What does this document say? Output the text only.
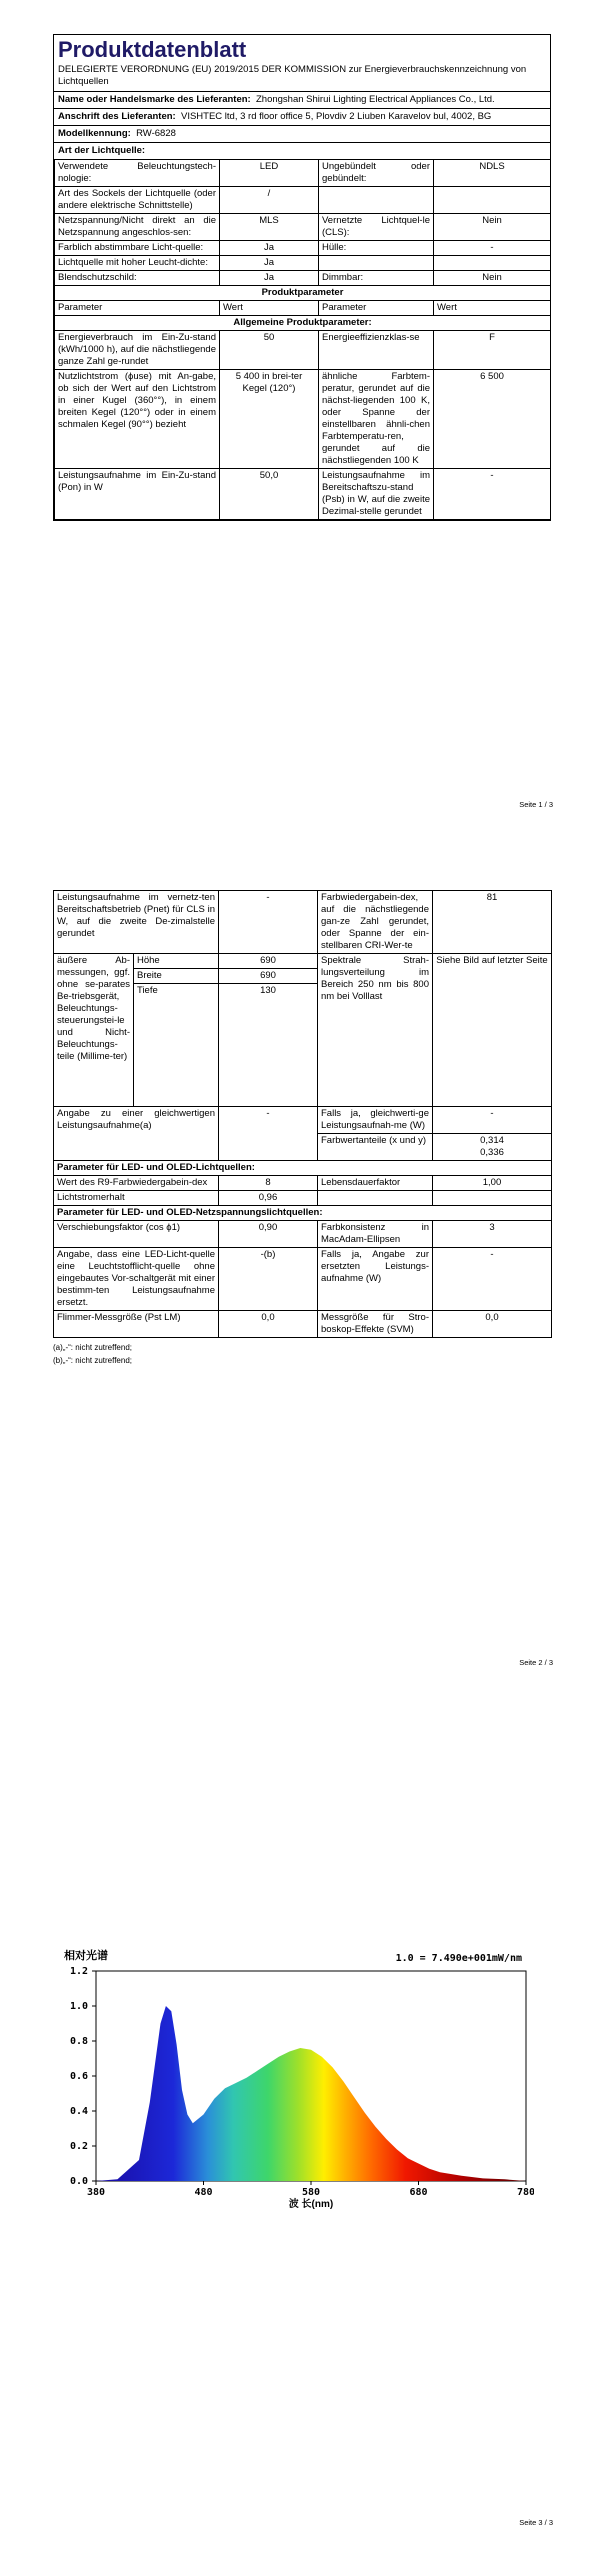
Produktdatenblatt
DELEGIERTE VERORDNUNG (EU) 2019/2015 DER KOMMISSION zur Energieverbrauchskennzeichnung von Lichtquellen
Name oder Handelsmarke des Lieferanten: Zhongshan Shirui Lighting Electrical Appliances Co., Ltd.
Anschrift des Lieferanten: VISHTEC ltd, 3 rd floor office 5, Plovdiv 2 Liuben Karavelov bul, 4002, BG
Modellkennung: RW-6828
Art der Lichtquelle:
Verwendete Beleuchtungstech-nologie:	LED	Ungebündelt oder gebündelt:	NDLS
Art des Sockels der Lichtquelle (oder andere elektrische Schnittstelle)	/		
Netzspannung/Nicht direkt an die Netzspannung angeschlos-sen:	MLS	Vernetzte Lichtquel-le (CLS):	Nein
Farblich abstimmbare Licht-quelle:	Ja	Hülle:	-
Lichtquelle mit hoher Leucht-dichte:	Ja		
Blendschutzschild:	Ja	Dimmbar:	Nein
Produktparameter			
Parameter	Wert	Parameter	Wert
Allgemeine Produktparameter:			
Energieverbrauch im Ein-Zu-stand (kWh/1000 h), auf die nächstliegende ganze Zahl ge-rundet	50	Energieeffizienzklas-se	F
Nutzlichtstrom (ϕuse) mit An-gabe, ob sich der Wert auf den Lichtstrom in einer Kugel (360°°), in einem breiten Kegel (120°°) oder in einem schmalen Kegel (90°°) bezieht	5 400 in brei-ter Kegel (120°)	ähnliche Farbtem-peratur, gerundet auf die nächst-liegenden 100 K, oder Spanne der einstellbaren ähnli-chen Farbtemperatu-ren, gerundet auf die nächstliegenden 100 K	6 500
Leistungsaufnahme im Ein-Zu-stand (Pon) in W	50,0	Leistungsaufnahme im Bereitschaftszu-stand (Psb) in W, auf die zweite Dezimal-stelle gerundet	-
Seite 1 / 3
Leistungsaufnahme im vernetz-ten Bereitschaftsbetrieb (Pnet) für CLS in W, auf die zweite De-zimalstelle gerundet		-	Farbwiedergabein-dex, auf die nächstliegende gan-ze Zahl gerundet, oder Spanne der ein-stellbaren CRI-Wer-te	81
äußere Ab-messungen, ggf. ohne se-parates Be-triebsgerät, Beleuchtungs-steuerungstei-le und Nicht-Beleuchtungs-teile (Millime-ter)	Höhe	690	Spektrale Strah-lungsverteilung im Bereich 250 nm bis 800 nm bei Volllast	Siehe Bild auf letzter Seite
	Breite	690		
	Tiefe	130		
Angabe zu einer gleichwertigen Leistungsaufnahme(a)		-	Falls ja, gleichwerti-ge Leistungsaufnah-me (W)	-
			Farbwertanteile (x und y)	0,314
0,336

Parameter für LED- und OLED-Lichtquellen:				
Wert des R9-Farbwiedergabein-dex		8	Lebensdauerfaktor	1,00
Lichtstromerhalt		0,96		
Parameter für LED- und OLED-Netzspannungslichtquellen:				
Verschiebungsfaktor (cos ϕ1)		0,90	Farbkonsistenz in MacAdam-Ellipsen	3
Angabe, dass eine LED-Licht-quelle eine Leuchtstofflicht-quelle ohne eingebautes Vor-schaltgerät mit einer bestimm-ten Leistungsaufnahme ersetzt.		-(b)	Falls ja, Angabe zur ersetzten Leistungs-aufnahme (W)	-
Flimmer-Messgröße (Pst LM)		0,0	Messgröße für Stro-boskop-Effekte (SVM)	0,0
(a)„-“: nicht zutreffend;
(b)„-“: nicht zutreffend;
Seite 2 / 3
0.0
0.2
0.4
0.6
0.8
1.0
1.2
380	480	580	680	780
相对光谱	1.0 = 7.490e+001mW/nm
波 长(nm)
Seite 3 / 3
